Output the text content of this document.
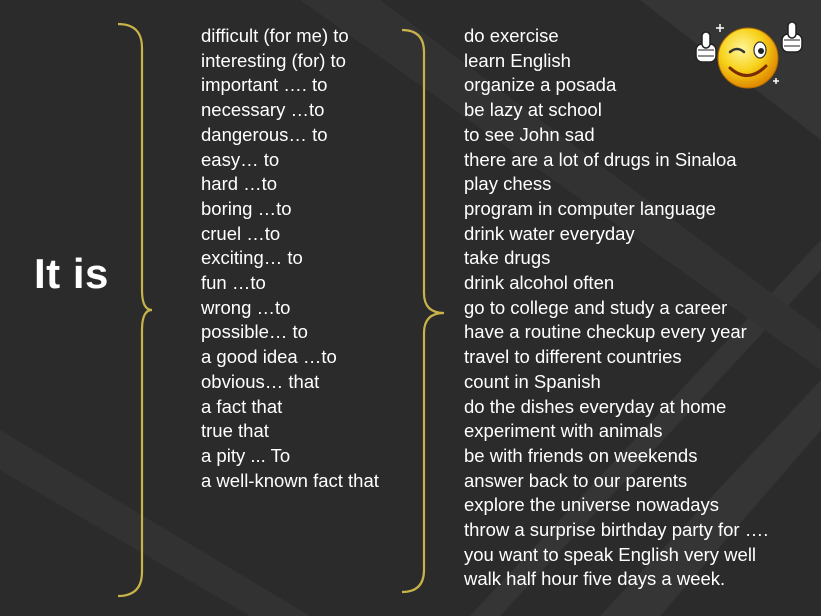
It is
difficult (for me) to
interesting (for) to
important …. to
necessary …to
dangerous… to
easy… to
hard …to
boring …to
cruel …to
exciting… to
fun …to
wrong …to
possible… to
a good idea …to
obvious… that
a fact that
true that
a pity ... To
a well-known fact that
do exercise
learn English
organize a posada
be lazy at school
to see John sad
there are a lot of drugs in Sinaloa
play chess
program in computer language
drink water everyday
take drugs
drink alcohol often
go to college and study a career
have a routine checkup every year
travel to different countries
count in Spanish
do the dishes everyday at home
experiment with animals
be with friends on weekends
answer back to our parents
explore the universe nowadays
throw a surprise birthday party for ….
you want to speak English very well
walk half hour five days a week.
